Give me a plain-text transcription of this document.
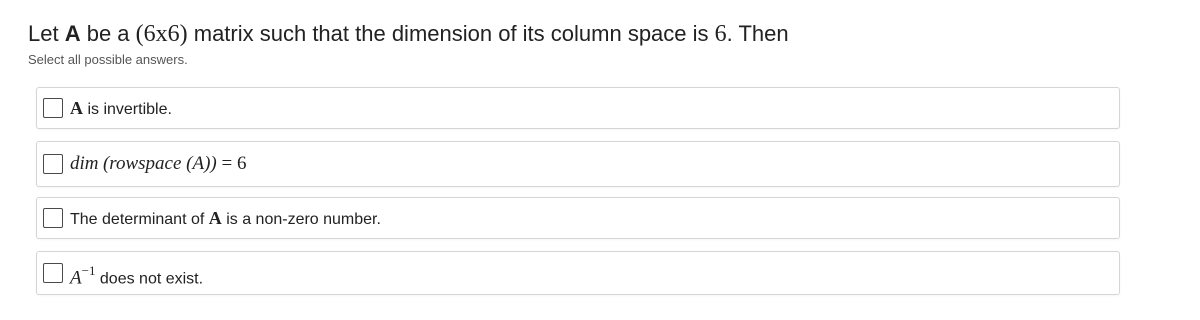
Let A be a (6x6) matrix such that the dimension of its column space is 6. Then
Select all possible answers.
A is invertible.
dim (rowspace (A)) = 6
The determinant of A is a non-zero number.
$A^{-1}$ does not exist.
